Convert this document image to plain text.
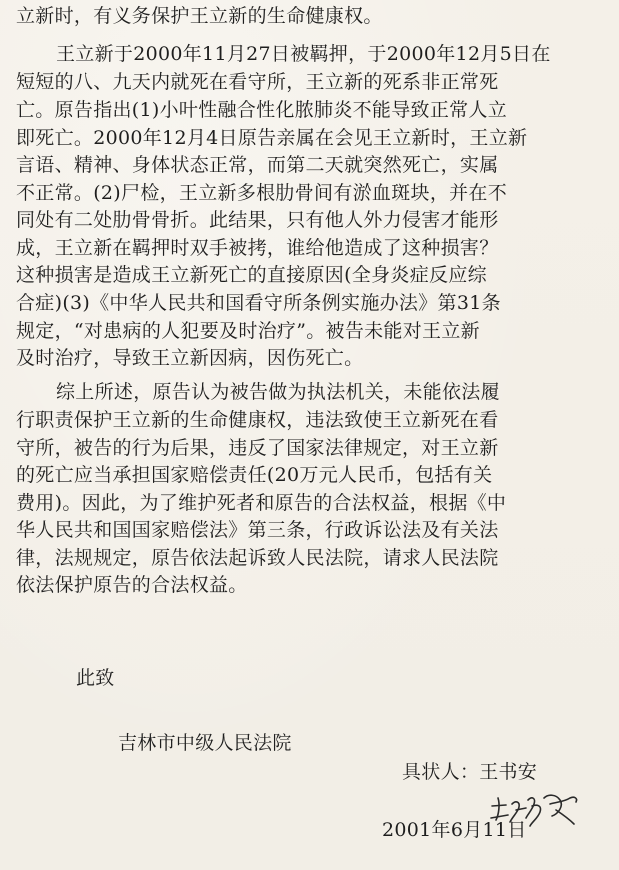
立新时，有义务保护王立新的生命健康权。
王立新于2000年11月27日被羁押，于2000年12月5日在
短短的八、九天内就死在看守所，王立新的死系非正常死
亡。原告指出(1)小叶性融合性化脓肺炎不能导致正常人立
即死亡。2000年12月4日原告亲属在会见王立新时，王立新
言语、精神、身体状态正常，而第二天就突然死亡，实属
不正常。(2)尸检，王立新多根肋骨间有淤血斑块，并在不
同处有二处肋骨骨折。此结果，只有他人外力侵害才能形
成，王立新在羁押时双手被拷，谁给他造成了这种损害？
这种损害是造成王立新死亡的直接原因(全身炎症反应综
合症)(3)《中华人民共和国看守所条例实施办法》第31条
规定，“对患病的人犯要及时治疗”。被告未能对王立新
及时治疗，导致王立新因病，因伤死亡。
综上所述，原告认为被告做为执法机关，未能依法履
行职责保护王立新的生命健康权，违法致使王立新死在看
守所，被告的行为后果，违反了国家法律规定，对王立新
的死亡应当承担国家赔偿责任(20万元人民币，包括有关
费用)。因此，为了维护死者和原告的合法权益，根据《中
华人民共和国国家赔偿法》第三条，行政诉讼法及有关法
律，法规规定，原告依法起诉致人民法院，请求人民法院
依法保护原告的合法权益。
此致
吉林市中级人民法院
具状人：王书安
2001年6月11日
